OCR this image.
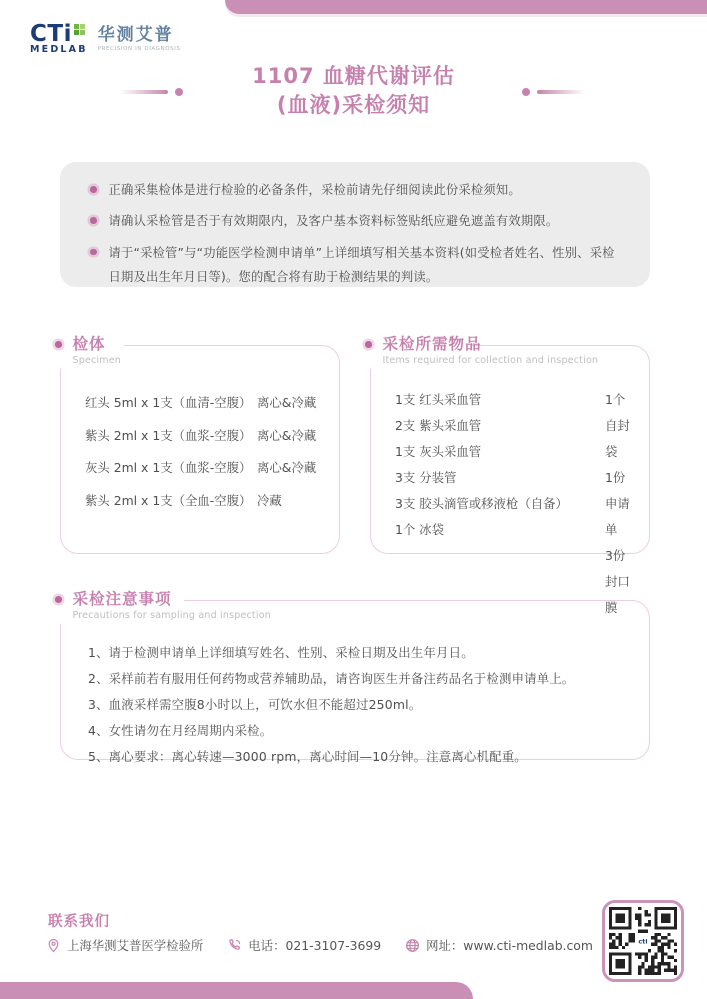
CTi
MEDLAB
华测艾普
PRECISION IN DIAGNOSIS
1107 血糖代谢评估
(血液)采检须知

正确采集检体是进行检验的必备条件，采检前请先仔细阅读此份采检须知。

请确认采检管是否于有效期限内，及客户基本资料标签贴纸应避免遮盖有效期限。

请于“采检管”与“功能医学检测申请单”上详细填写相关基本资料(如受检者姓名、性别、采检日期及出生年月日等)。您的配合将有助于检测结果的判读。

检体
Specimen
红头 5ml x 1支（血清-空腹） 离心&冷藏
紫头 2ml x 1支（血浆-空腹） 离心&冷藏
灰头 2ml x 1支（血浆-空腹） 离心&冷藏
紫头 2ml x 1支（全血-空腹） 冷藏
采检所需物品
Items required for collection and inspection
1支 红头采血管
2支 紫头采血管
1支 灰头采血管
3支 分装管
3支 胶头滴管或移液枪（自备）
1个 冰袋
1个 自封袋
1份 申请单
3份 封口膜
采检注意事项
Precautions for sampling and inspection
1、请于检测申请单上详细填写姓名、性别、采检日期及出生年月日。
2、采样前若有服用任何药物或营养辅助品，请咨询医生并备注药品名于检测申请单上。
3、血液采样需空腹8小时以上，可饮水但不能超过250ml。
4、女性请勿在月经周期内采检。
5、离心要求：离心转速—3000 rpm，离心时间—10分钟。注意离心机配重。
联系我们
上海华测艾普医学检验所	电话：021-3107-3699	网址：www.cti-medlab.com	cti
